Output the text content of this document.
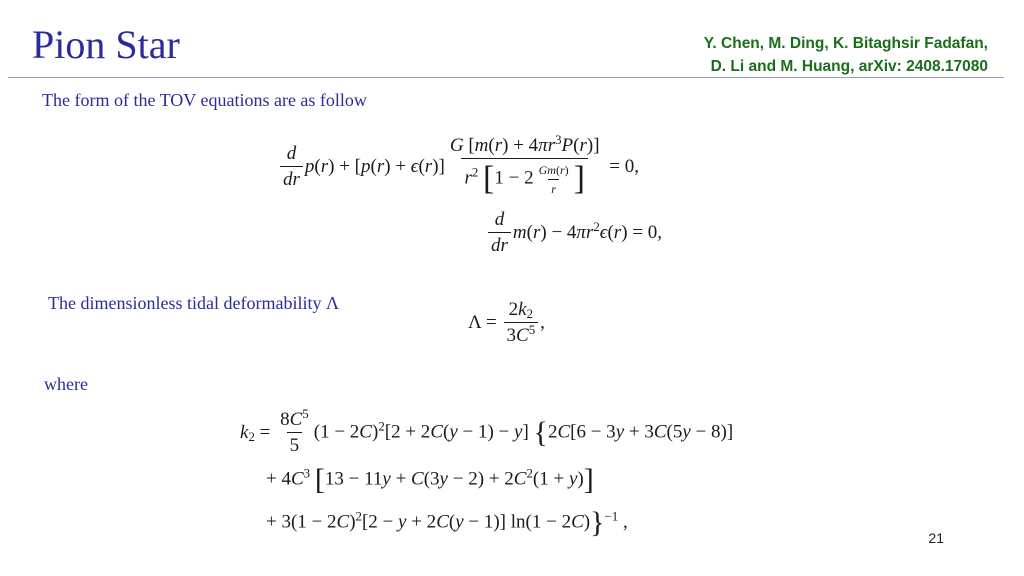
Pion Star	Y. Chen, M. Ding, K. Bitaghsir Fadafan,
D. Li and M. Huang, arXiv: 2408.17080
The form of the TOV equations are as follow
$\frac{d}{dr} p(r) + [p(r) + \epsilon(r)] \frac{G [m(r) + 4\pi r^3P(r)]}{r^2 [1 - 2 \frac{Gm(r)}{r} ]} = 0$,
$\frac{d}{dr} m(r) - 4\pi r^2\epsilon(r) = 0$,
The dimensionless tidal deformability Λ
$\Lambda = \frac{2k_2}{3C^5}$ ,
where
$k_2 = \frac{8C^5}{5} (1 - 2C)^2[2 + 2C(y - 1) - y] \{2C[6 - 3y + 3C(5y - 8)]$
+ $4C^3$ $[13 - 11y + C(3y - 2) + 2C^2(1 + y)]$
+ $3(1 - 2C)^2[2 - y + 2C(y - 1)] \ln(1 - 2C)\}^{-1}$ ,
21
